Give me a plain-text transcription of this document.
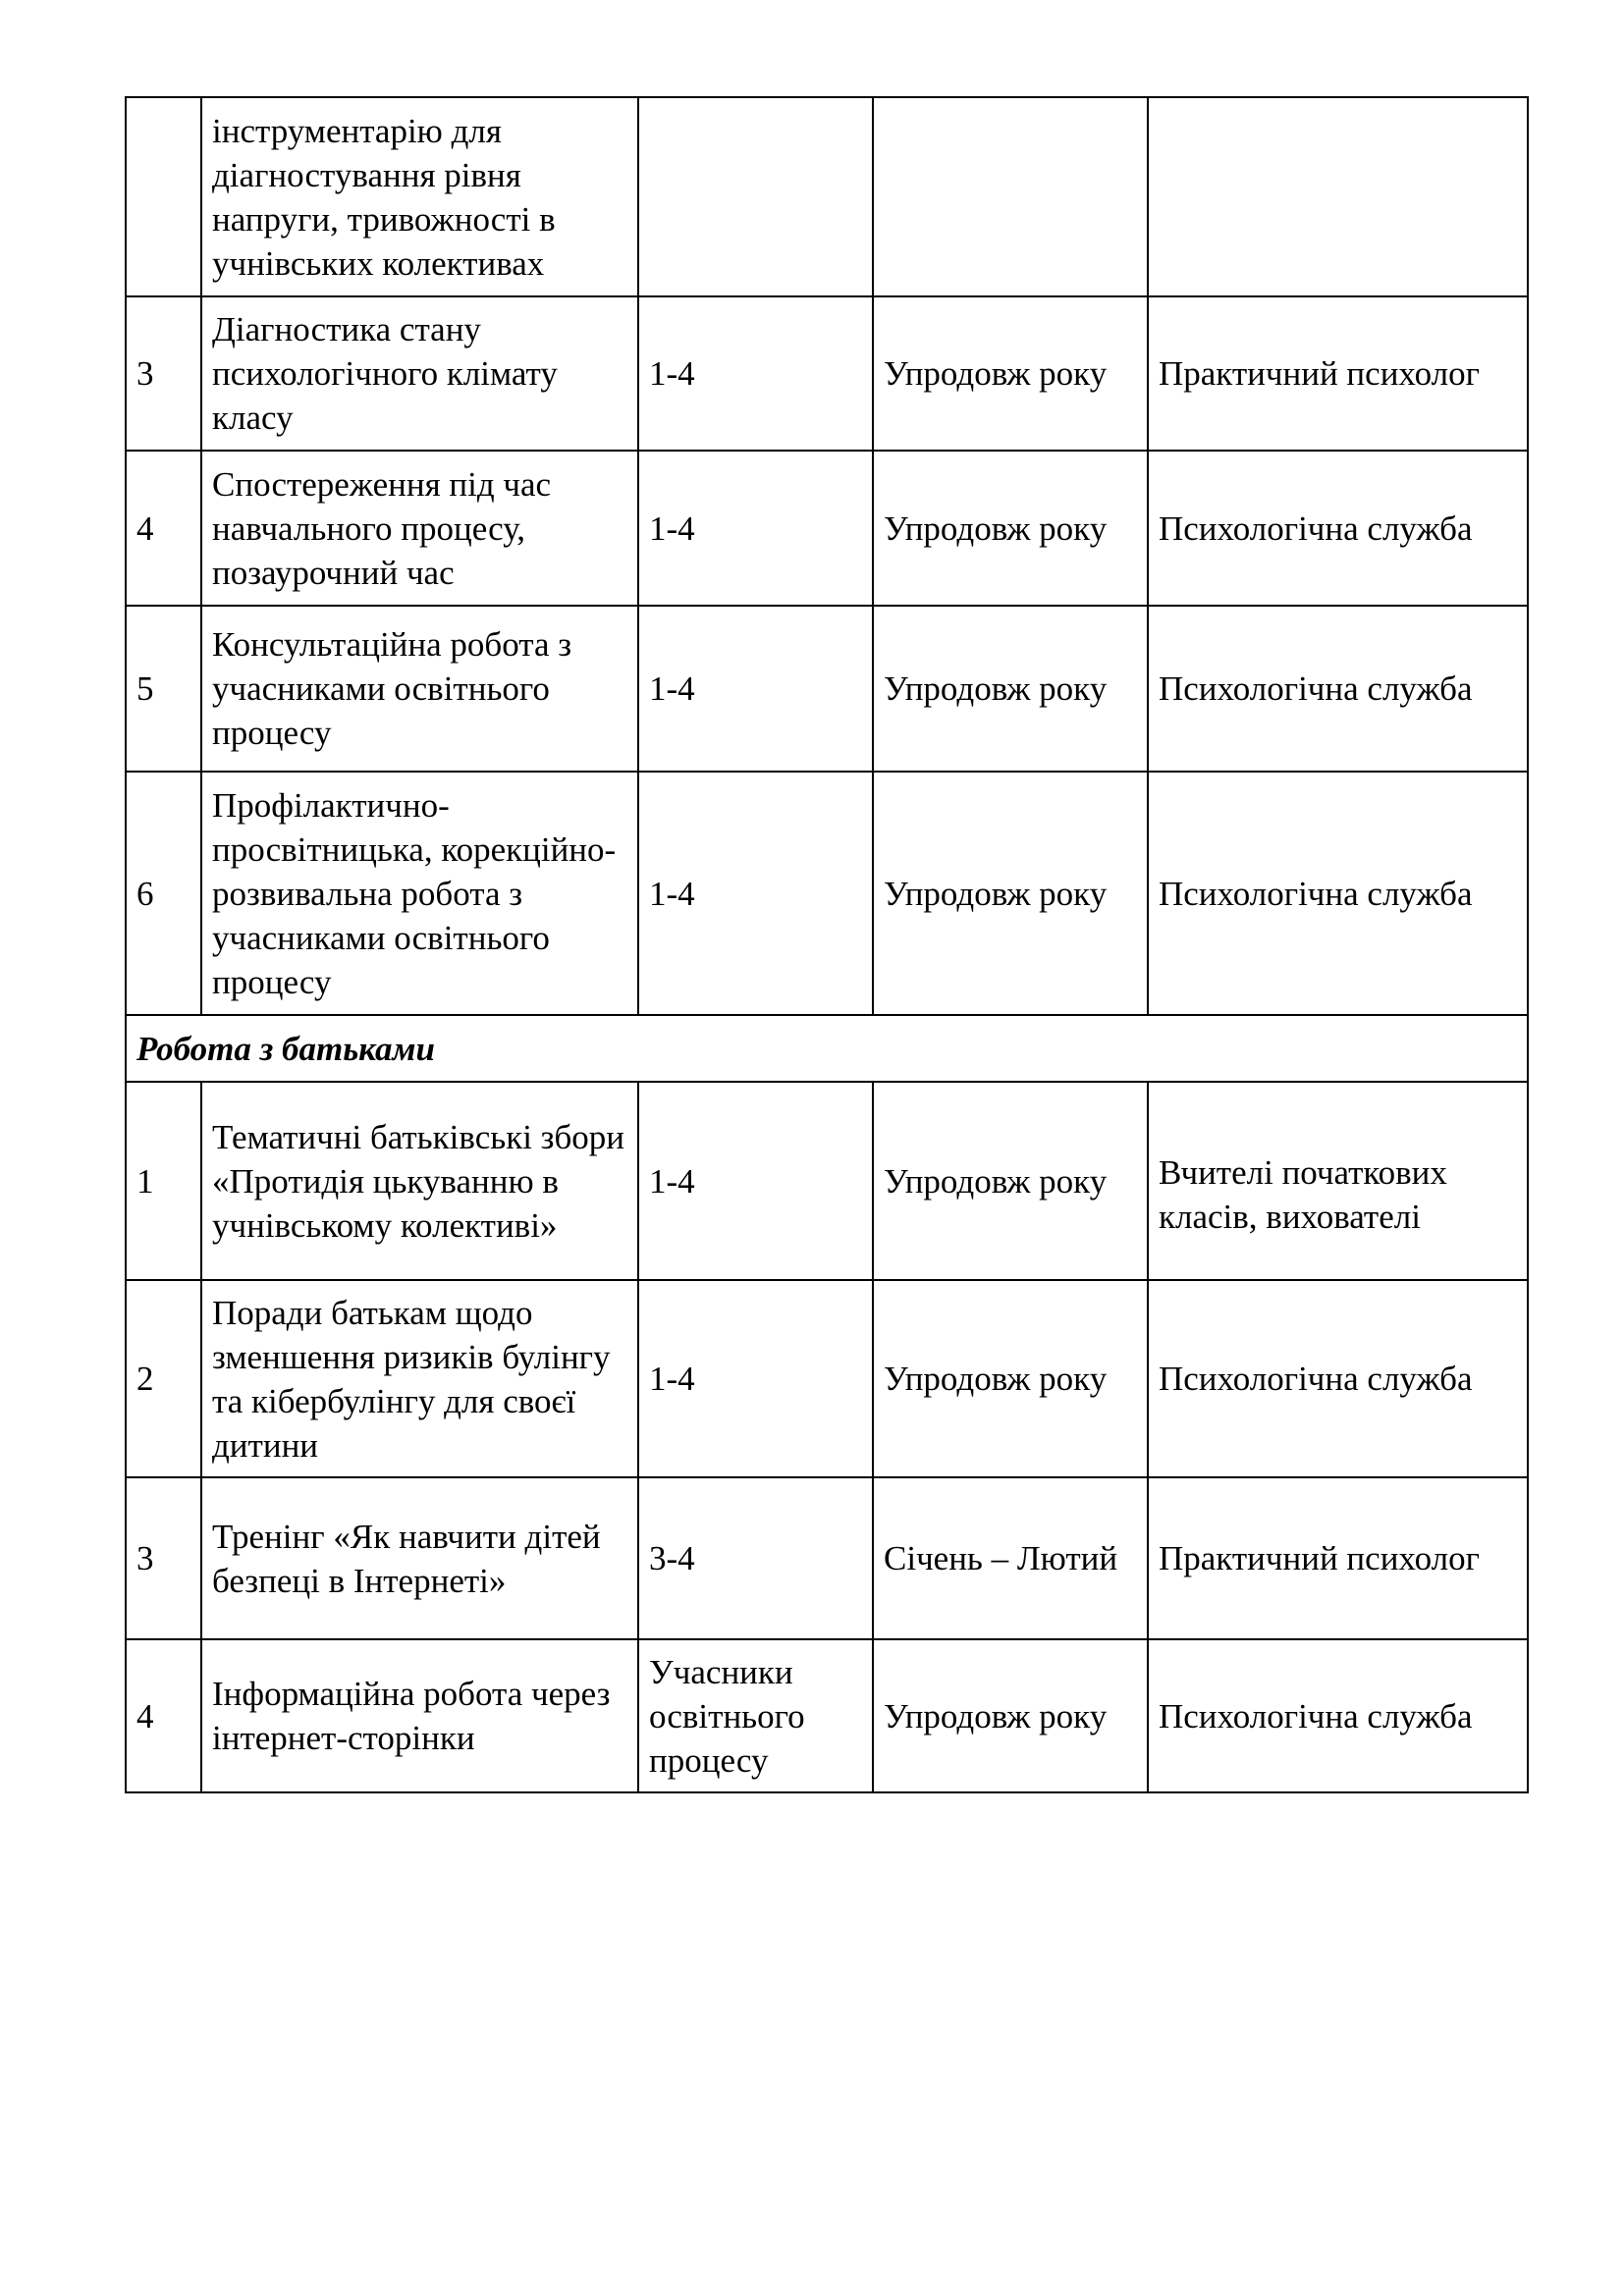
	інструментарію для діагностування рівня напруги, тривожності в учнівських колективах			
3	Діагностика стану психологічного клімату класу	1-4	Упродовж року	Практичний психолог
4	Спостереження під час навчального процесу, позаурочний час	1-4	Упродовж року	Психологічна служба
5	Консультаційна робота з учасниками освітнього процесу	1-4	Упродовж року	Психологічна служба
6	Профілактично-просвітницька, корекційно-розвивальна робота з учасниками освітнього процесу	1-4	Упродовж року	Психологічна служба
Робота з батьками				
1	Тематичні батьківські збори «Протидія цькуванню в учнівському колективі»	1-4	Упродовж року	Вчителі початкових класів, вихователі
2	Поради батькам щодо зменшення ризиків булінгу та кібербулінгу для своєї дитини	1-4	Упродовж року	Психологічна служба
3	Тренінг «Як навчити дітей безпеці в Інтернеті»	3-4	Січень – Лютий	Практичний психолог
4	Інформаційна робота через інтернет-сторінки	Учасники освітнього процесу	Упродовж року	Психологічна служба
